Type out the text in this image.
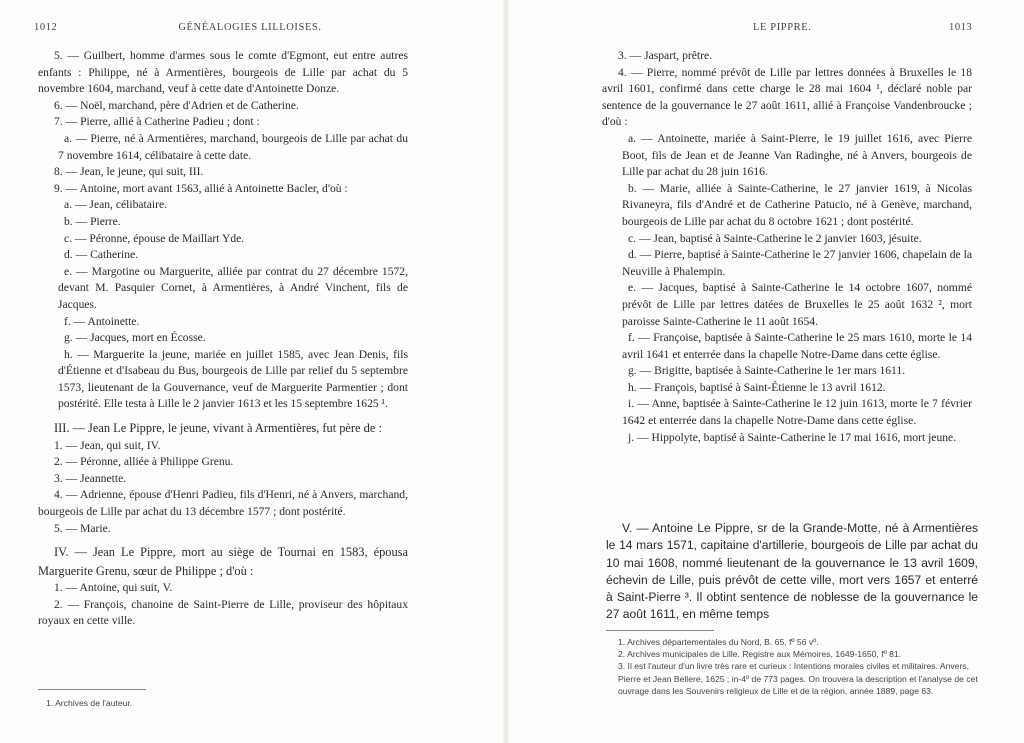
1012	GÉNÉALOGIES LILLOISES.

5. — Guilbert, homme d'armes sous le comte d'Egmont, eut entre autres enfants : Philippe, né à Armentières, bourgeois de Lille par achat du 5 novembre 1604, marchand, veuf à cette date d'Antoinette Donze.

6. — Noël, marchand, père d'Adrien et de Catherine.

7. — Pierre, allié à Catherine Padieu ; dont :

a. — Pierre, né à Armentières, marchand, bourgeois de Lille par achat du 7 novembre 1614, célibataire à cette date.

8. — Jean, le jeune, qui suit, III.

9. — Antoine, mort avant 1563, allié à Antoinette Bacler, d'où :

a. — Jean, célibataire.

b. — Pierre.

c. — Péronne, épouse de Maillart Yde.

d. — Catherine.

e. — Margotine ou Marguerite, alliée par contrat du 27 décembre 1572, devant M. Pasquier Cornet, à Armentières, à André Vinchent, fils de Jacques.

f. — Antoinette.

g. — Jacques, mort en Écosse.

h. — Marguerite la jeune, mariée en juillet 1585, avec Jean Denis, fils d'Étienne et d'Isabeau du Bus, bourgeois de Lille par relief du 5 septembre 1573, lieutenant de la Gouvernance, veuf de Marguerite Parmentier ; dont postérité. Elle testa à Lille le 2 janvier 1613 et les 15 septembre 1625 ¹.

III. — Jean Le Pippre, le jeune, vivant à Armentières, fut père de :

1. — Jean, qui suit, IV.

2. — Péronne, alliée à Philippe Grenu.

3. — Jeannette.

4. — Adrienne, épouse d'Henri Padieu, fils d'Henri, né à Anvers, marchand, bourgeois de Lille par achat du 13 décembre 1577 ; dont postérité.

5. — Marie.

IV. — Jean Le Pippre, mort au siège de Tournai en 1583, épousa Marguerite Grenu, sœur de Philippe ; d'où :

1. — Antoine, qui suit, V.

2. — François, chanoine de Saint-Pierre de Lille, proviseur des hôpitaux royaux en cette ville.

1. Archives de l'auteur.

LE PIPPRE.	1013

3. — Jaspart, prêtre.

4. — Pierre, nommé prévôt de Lille par lettres données à Bruxelles le 18 avril 1601, confirmé dans cette charge le 28 mai 1604 ¹, déclaré noble par sentence de la gouvernance le 27 août 1611, allié à Françoise Vandenbroucke ; d'où :

a. — Antoinette, mariée à Saint-Pierre, le 19 juillet 1616, avec Pierre Boot, fils de Jean et de Jeanne Van Radinghe, né à Anvers, bourgeois de Lille par achat du 28 juin 1616.

b. — Marie, alliée à Sainte-Catherine, le 27 janvier 1619, à Nicolas Rivaneyra, fils d'André et de Catherine Patucio, né à Genève, marchand, bourgeois de Lille par achat du 8 octobre 1621 ; dont postérité.

c. — Jean, baptisé à Sainte-Catherine le 2 janvier 1603, jésuite.

d. — Pierre, baptisé à Sainte-Catherine le 27 janvier 1606, chapelain de la Neuville à Phalempin.

e. — Jacques, baptisé à Sainte-Catherine le 14 octobre 1607, nommé prévôt de Lille par lettres datées de Bruxelles le 25 août 1632 ², mort paroisse Sainte-Catherine le 11 août 1654.

f. — Françoise, baptisée à Sainte-Catherine le 25 mars 1610, morte le 14 avril 1641 et enterrée dans la chapelle Notre-Dame dans cette église.

g. — Brigitte, baptisée à Sainte-Catherine le 1er mars 1611.

h. — François, baptisé à Saint-Étienne le 13 avril 1612.

i. — Anne, baptisée à Sainte-Catherine le 12 juin 1613, morte le 7 février 1642 et enterrée dans la chapelle Notre-Dame dans cette église.

j. — Hippolyte, baptisé à Sainte-Catherine le 17 mai 1616, mort jeune.

V. — Antoine Le Pippre, sr de la Grande-Motte, né à Armentières le 14 mars 1571, capitaine d'artillerie, bourgeois de Lille par achat du 10 mai 1608, nommé lieutenant de la gouvernance le 13 avril 1609, échevin de Lille, puis prévôt de cette ville, mort vers 1657 et enterré à Saint-Pierre ³. Il obtint sentence de noblesse de la gouvernance le 27 août 1611, en même temps

1. Archives départementales du Nord, B. 65, fº 56 vº.

2. Archives municipales de Lille. Registre aux Mémoires, 1649-1650, fº 81.

3. Il est l'auteur d'un livre très rare et curieux : Intentions morales civiles et militaires. Anvers, Pierre et Jean Bellere, 1625 ; in-4º de 773 pages. On trouvera la description et l'analyse de cet ouvrage dans les Souvenirs religieux de Lille et de la région, année 1889, page 63.
